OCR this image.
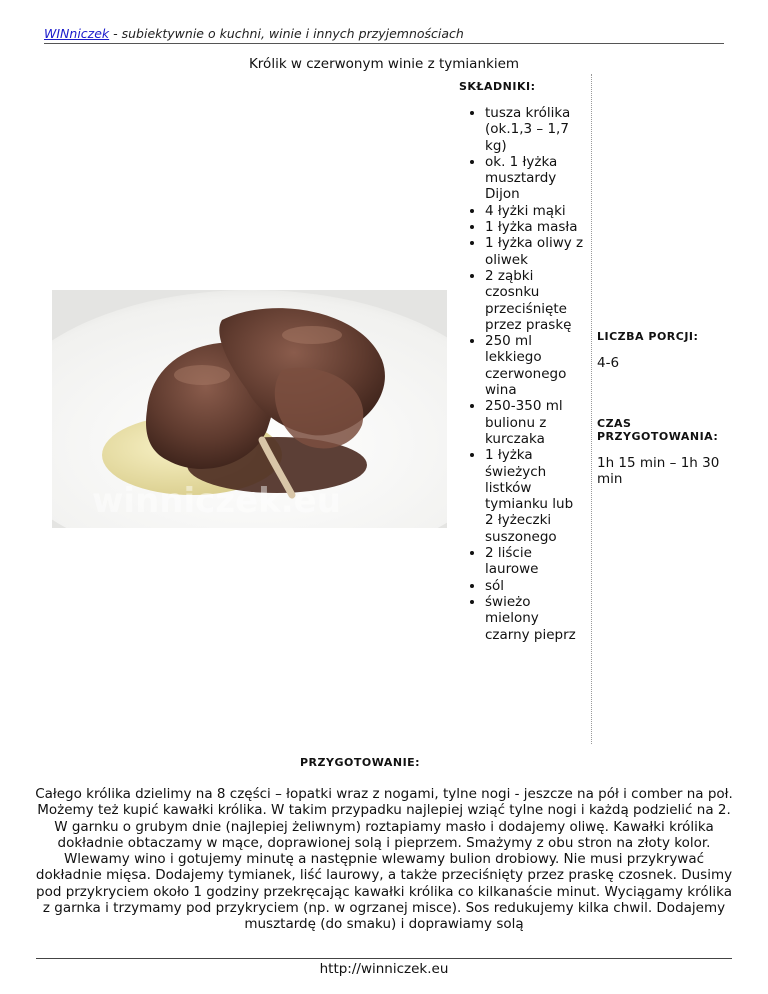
WINniczek - subiektywnie o kuchni, winie i innych przyjemnościach
Królik w czerwonym winie z tymiankiem
winniczek.eu
SKŁADNIKI:
• tusza królika (ok.1,3 – 1,7 kg)
• ok. 1 łyżka musztardy Dijon
• 4 łyżki mąki
• 1 łyżka masła
• 1 łyżka oliwy z oliwek
• 2 ząbki czosnku przeciśnięte przez praskę
• 250 ml lekkiego czerwonego wina
• 250-350 ml bulionu z kurczaka
• 1 łyżka świeżych listków tymianku lub 2 łyżeczki suszonego
• 2 liście laurowe
• sól
• świeżo mielony czarny pieprz
LICZBA PORCJI:
4-6
CZAS PRZYGOTOWANIA:
1h 15 min – 1h 30 min
PRZYGOTOWANIE:
Całego królika dzielimy na 8 części – łopatki wraz z nogami, tylne nogi - jeszcze na pół i comber na poł. Możemy też kupić kawałki królika. W takim przypadku najlepiej wziąć tylne nogi i każdą podzielić na 2. W garnku o grubym dnie (najlepiej żeliwnym) roztapiamy masło i dodajemy oliwę. Kawałki królika dokładnie obtaczamy w mące, doprawionej solą i pieprzem. Smażymy z obu stron na złoty kolor. Wlewamy wino i gotujemy minutę a następnie wlewamy bulion drobiowy. Nie musi przykrywać dokładnie mięsa. Dodajemy tymianek, liść laurowy, a także przeciśnięty przez praskę czosnek. Dusimy pod przykryciem około 1 godziny przekręcając kawałki królika co kilkanaście minut. Wyciągamy królika z garnka i trzymamy pod przykryciem (np. w ogrzanej misce). Sos redukujemy kilka chwil. Dodajemy musztardę (do smaku) i doprawiamy solą
http://winniczek.eu
